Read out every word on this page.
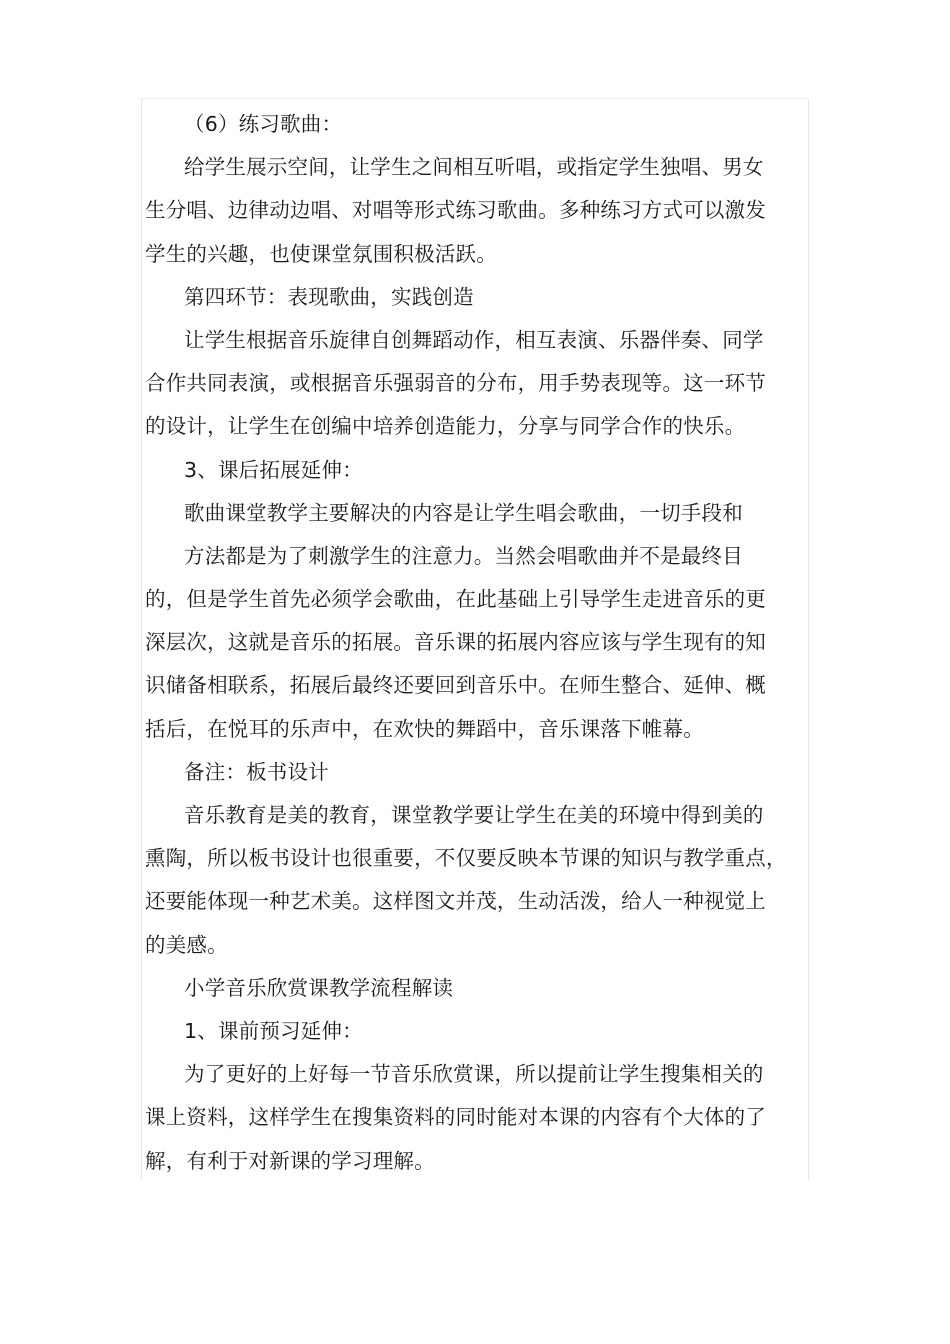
（6）练习歌曲：
给学生展示空间，让学生之间相互听唱，或指定学生独唱、男女
生分唱、边律动边唱、对唱等形式练习歌曲。多种练习方式可以激发
学生的兴趣，也使课堂氛围积极活跃。
第四环节：表现歌曲，实践创造
让学生根据音乐旋律自创舞蹈动作，相互表演、乐器伴奏、同学
合作共同表演，或根据音乐强弱音的分布，用手势表现等。这一环节
的设计，让学生在创编中培养创造能力，分享与同学合作的快乐。
3、课后拓展延伸：
歌曲课堂教学主要解决的内容是让学生唱会歌曲，一切手段和
方法都是为了刺激学生的注意力。当然会唱歌曲并不是最终目
的，但是学生首先必须学会歌曲，在此基础上引导学生走进音乐的更
深层次，这就是音乐的拓展。音乐课的拓展内容应该与学生现有的知
识储备相联系，拓展后最终还要回到音乐中。在师生整合、延伸、概
括后，在悦耳的乐声中，在欢快的舞蹈中，音乐课落下帷幕。
备注：板书设计
音乐教育是美的教育，课堂教学要让学生在美的环境中得到美的
熏陶，所以板书设计也很重要，不仅要反映本节课的知识与教学重点，
还要能体现一种艺术美。这样图文并茂，生动活泼，给人一种视觉上
的美感。
小学音乐欣赏课教学流程解读
1、课前预习延伸：
为了更好的上好每一节音乐欣赏课，所以提前让学生搜集相关的
课上资料，这样学生在搜集资料的同时能对本课的内容有个大体的了
解，有利于对新课的学习理解。
